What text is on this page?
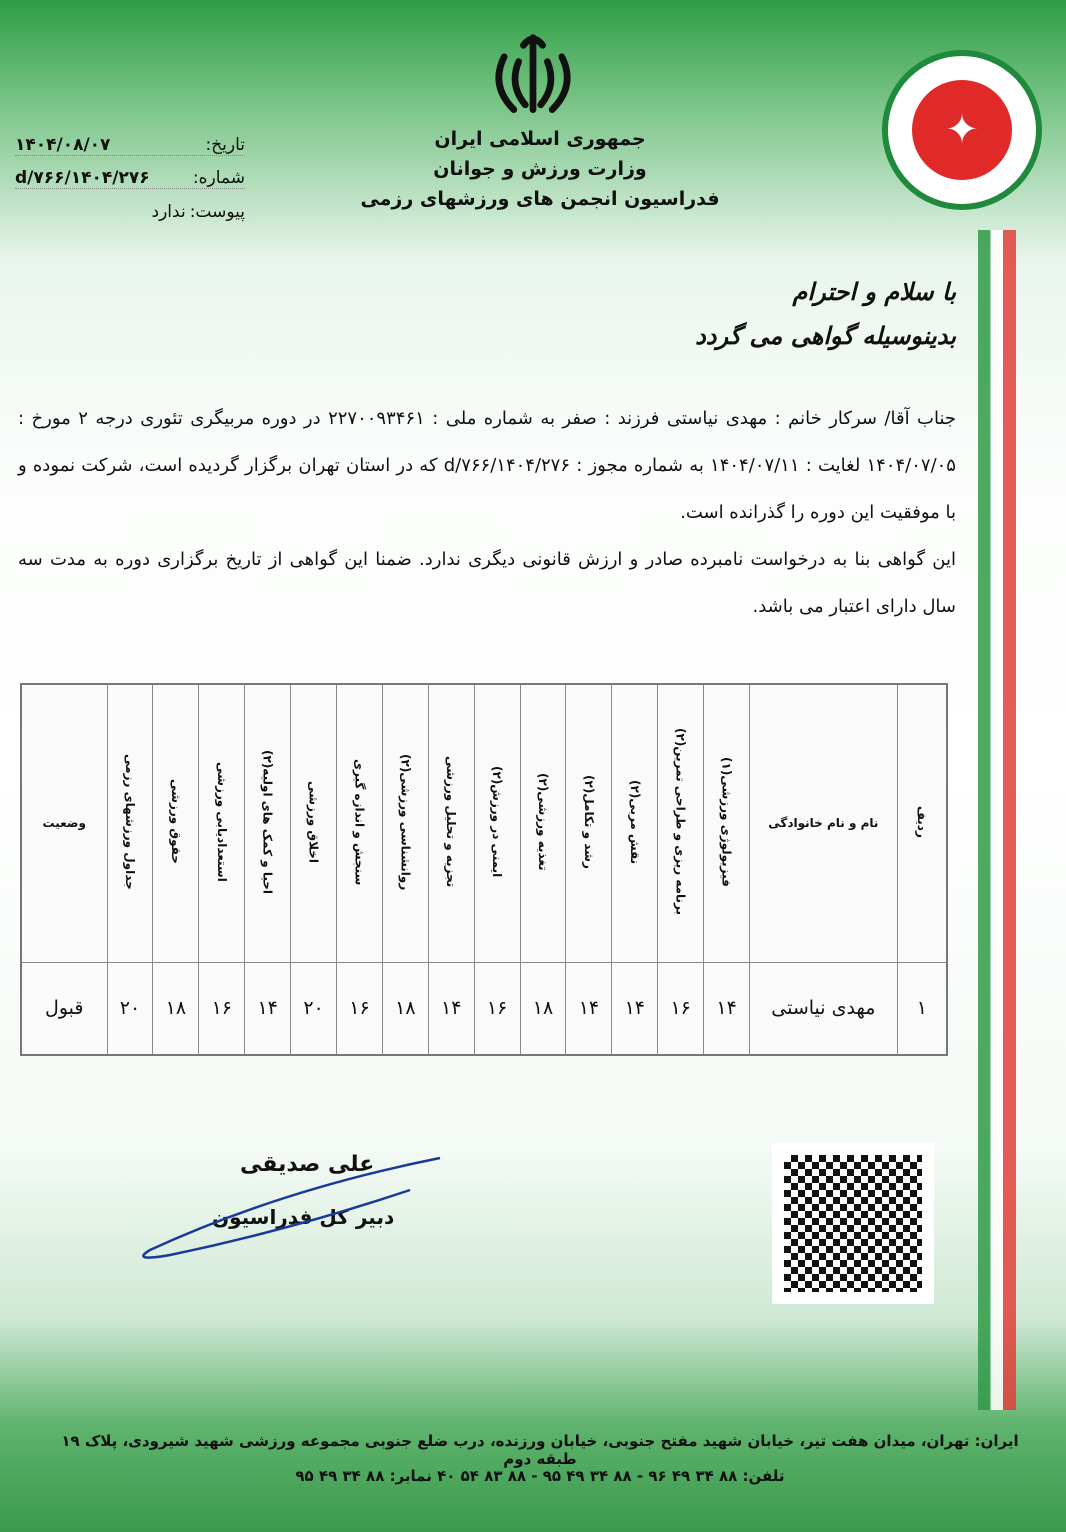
جمهوری اسلامی ایران
وزارت ورزش و جوانان
فدراسیون انجمن های ورزشهای رزمی
تاریخ:
۱۴۰۴/۰۸/۰۷
شماره:
۱۴۰۴/۲۷۶/d/۷۶۶
پیوست:
ندارد
✦
با سلام و احترام
بدینوسیله گواهی می گردد

جناب آقا/ سرکار خانم : مهدی نیاستی فرزند : صفر به شماره ملی : ۲۲۷۰۰۹۳۴۶۱ در دوره مربیگری تئوری درجه ۲ مورخ : ۱۴۰۴/۰۷/۰۵ لغایت : ۱۴۰۴/۰۷/۱۱ به شماره مجوز : ۱۴۰۴/۲۷۶/d/۷۶۶ که در استان تهران برگزار گردیده است، شرکت نموده و با موفقیت این دوره را گذرانده است.

این گواهی بنا به درخواست نامبرده صادر و ارزش قانونی دیگری ندارد. ضمنا این گواهی از تاریخ برگزاری دوره به مدت سه سال دارای اعتبار می باشد.

ردیف	نام و نام خانوادگی	فیزیولوژی ورزشی(۱)	برنامه ریزی و طراحی تمرین(۲)	نقش مربی(۲)	رشد و تکامل(۲)	تغذیه ورزشی(۲)	ایمنی در ورزش(۲)	تجزیه و تحلیل ورزشی	روانشناسی ورزشی(۲)	سنجش و اندازه گیری	اخلاق ورزشی	احیا و کمک های اولیه(۲)	استعدادیابی ورزشی	حقوق ورزشی	جداول ورزشهای رزمی	وضعیت
۱	مهدی نیاستی	۱۴	۱۶	۱۴	۱۴	۱۸	۱۶	۱۴	۱۸	۱۶	۲۰	۱۴	۱۶	۱۸	۲۰	قبول
علی صدیقی
دبیر کل فدراسیون
ایران: تهران، میدان هفت تیر، خیابان شهید مفتح جنوبی، خیابان ورزنده، درب ضلع جنوبی مجموعه ورزشی شهید شیرودی، پلاک ۱۹ طبقه دوم
تلفن: ۸۸ ۳۴ ۴۹ ۹۶ - ۸۸ ۳۴ ۴۹ ۹۵ - ۸۸ ۸۳ ۵۴ ۴۰ نمابر: ۸۸ ۳۴ ۴۹ ۹۵
